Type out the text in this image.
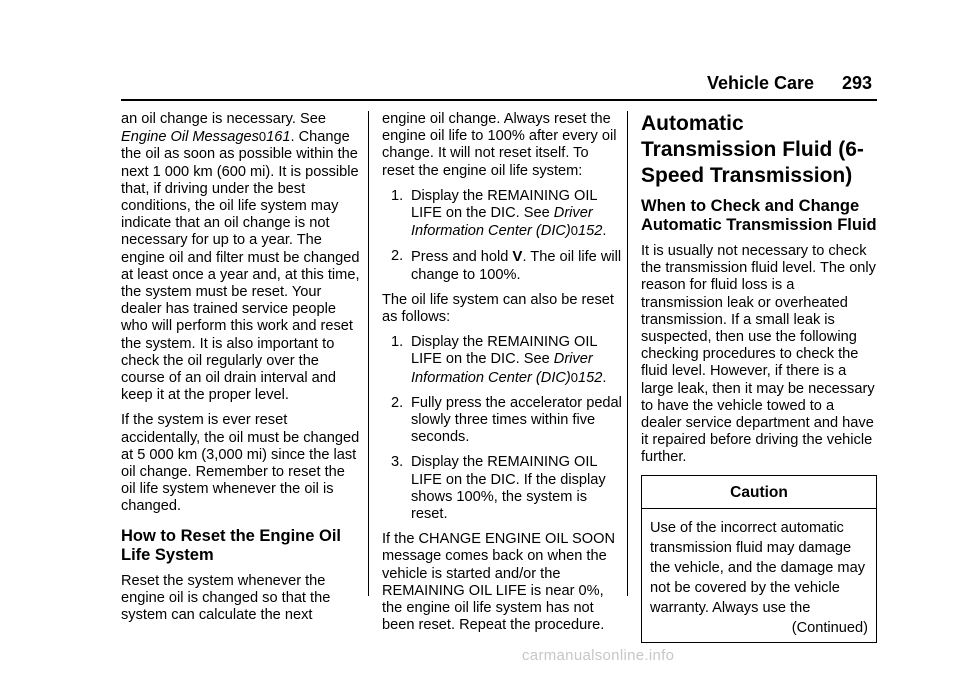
Vehicle Care 293

an oil change is necessary. See Engine Oil Messages0161. Change the oil as soon as possible within the next 1 000 km (600 mi). It is possible that, if driving under the best conditions, the oil life system may indicate that an oil change is not necessary for up to a year. The engine oil and filter must be changed at least once a year and, at this time, the system must be reset. Your dealer has trained service people who will perform this work and reset the system. It is also important to check the oil regularly over the course of an oil drain interval and keep it at the proper level.

If the system is ever reset accidentally, the oil must be changed at 5 000 km (3,000 mi) since the last oil change. Remember to reset the oil life system whenever the oil is changed.

How to Reset the Engine Oil Life System

Reset the system whenever the engine oil is changed so that the system can calculate the next

engine oil change. Always reset the engine oil life to 100% after every oil change. It will not reset itself. To reset the engine oil life system:

1. Display the REMAINING OIL LIFE on the DIC. See Driver Information Center (DIC)0152.
2. Press and hold V. The oil life will change to 100%.

The oil life system can also be reset as follows:

1. Display the REMAINING OIL LIFE on the DIC. See Driver Information Center (DIC)0152.
2. Fully press the accelerator pedal slowly three times within five seconds.
3. Display the REMAINING OIL LIFE on the DIC. If the display shows 100%, the system is reset.

If the CHANGE ENGINE OIL SOON message comes back on when the vehicle is started and/or the REMAINING OIL LIFE is near 0%, the engine oil life system has not been reset. Repeat the procedure.

Automatic Transmission Fluid (6-Speed Transmission)
When to Check and Change Automatic Transmission Fluid

It is usually not necessary to check the transmission fluid level. The only reason for fluid loss is a transmission leak or overheated transmission. If a small leak is suspected, then use the following checking procedures to check the fluid level. However, if there is a large leak, then it may be necessary to have the vehicle towed to a dealer service department and have it repaired before driving the vehicle further.

Caution
Use of the incorrect automatic transmission fluid may damage the vehicle, and the damage may not be covered by the vehicle warranty. Always use the
(Continued)
carmanualsonline.info
